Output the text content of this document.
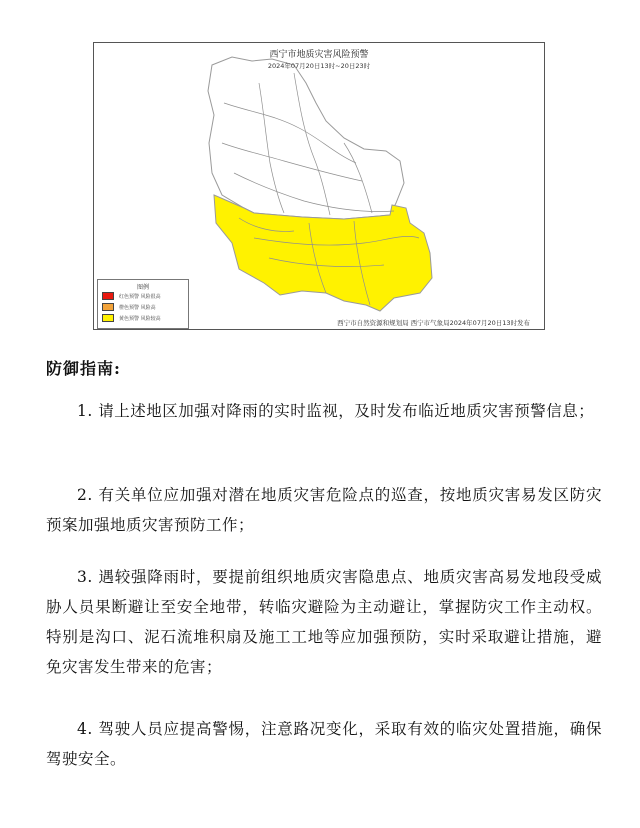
西宁市地质灾害风险预警
2024年07月20日13时~20日23时
图例
红色预警 风险很高
橙色预警 风险高
黄色预警 风险较高
西宁市自然资源和规划局 西宁市气象局2024年07月20日13时发布
防御指南:
1. 请上述地区加强对降雨的实时监视，及时发布临近地质灾害预警信息；
2. 有关单位应加强对潜在地质灾害危险点的巡查，按地质灾害易发区防灾预案加强地质灾害预防工作；
3. 遇较强降雨时，要提前组织地质灾害隐患点、地质灾害高易发地段受威胁人员果断避让至安全地带，转临灾避险为主动避让，掌握防灾工作主动权。特别是沟口、泥石流堆积扇及施工工地等应加强预防，实时采取避让措施，避免灾害发生带来的危害；
4. 驾驶人员应提高警惕，注意路况变化，采取有效的临灾处置措施，确保驾驶安全。
